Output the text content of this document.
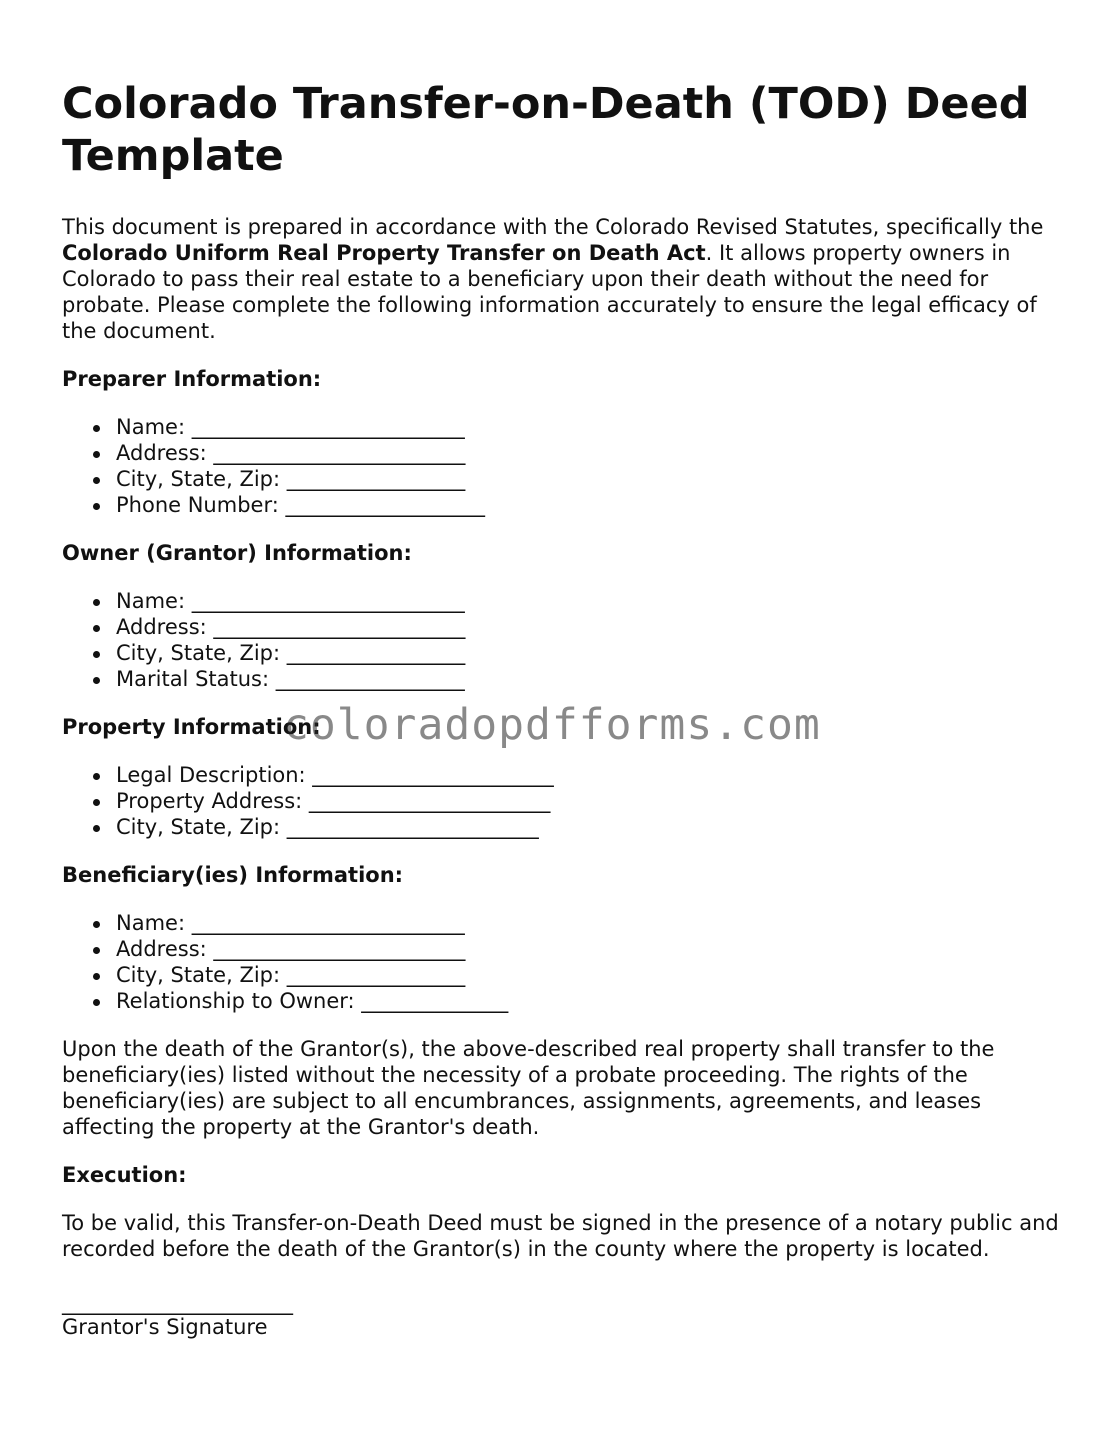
Colorado Transfer-on-Death (TOD) Deed Template

This document is prepared in accordance with the Colorado Revised Statutes, specifically the Colorado Uniform Real Property Transfer on Death Act. It allows property owners in Colorado to pass their real estate to a beneficiary upon their death without the need for probate. Please complete the following information accurately to ensure the legal efficacy of the document.

Preparer Information:
Name: __________________________
Address: ________________________
City, State, Zip: _________________
Phone Number: ___________________
Owner (Grantor) Information:
Name: __________________________
Address: ________________________
City, State, Zip: _________________
Marital Status: __________________
Property Information:
Legal Description: _______________________
Property Address: _______________________
City, State, Zip: ________________________
Beneficiary(ies) Information:
Name: __________________________
Address: ________________________
City, State, Zip: _________________
Relationship to Owner: ______________

Upon the death of the Grantor(s), the above-described real property shall transfer to the beneficiary(ies) listed without the necessity of a probate proceeding. The rights of the beneficiary(ies) are subject to all encumbrances, assignments, agreements, and leases affecting the property at the Grantor's death.

Execution:

To be valid, this Transfer-on-Death Deed must be signed in the presence of a notary public and recorded before the death of the Grantor(s) in the county where the property is located.

______________________
Grantor's Signature
coloradopdfforms.com
